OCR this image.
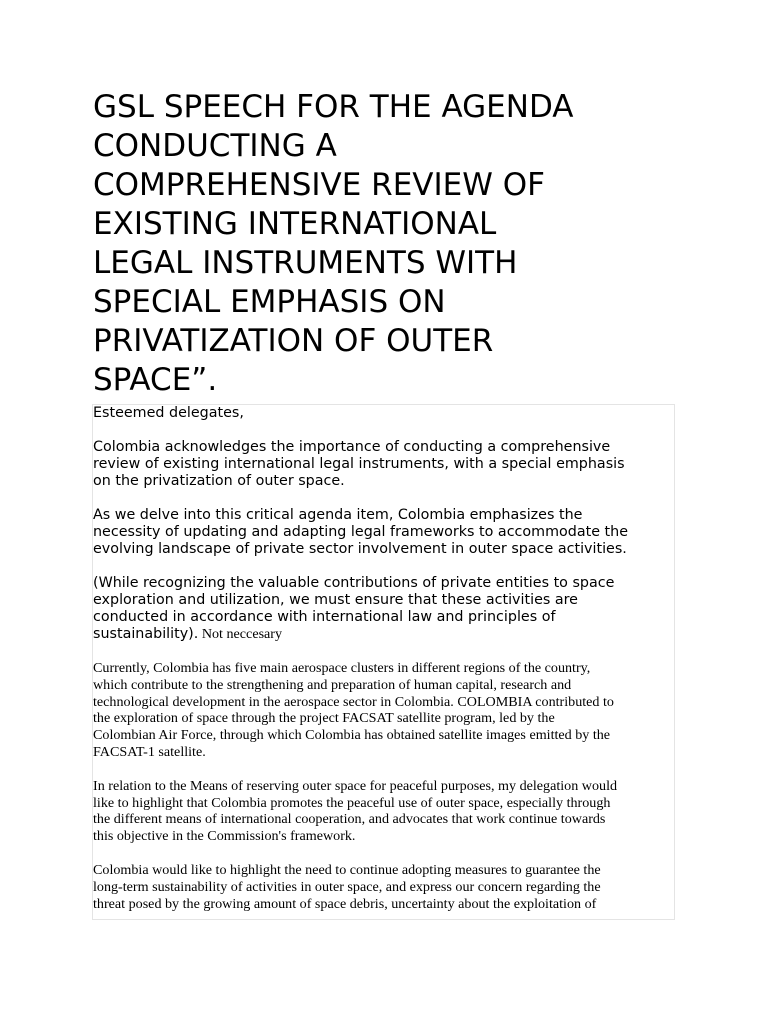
GSL SPEECH FOR THE AGENDA
CONDUCTING A
COMPREHENSIVE REVIEW OF
EXISTING INTERNATIONAL
LEGAL INSTRUMENTS WITH
SPECIAL EMPHASIS ON
PRIVATIZATION OF OUTER
SPACE”.

Esteemed delegates,

Colombia acknowledges the importance of conducting a comprehensive

review of existing international legal instruments, with a special emphasis

on the privatization of outer space.

As we delve into this critical agenda item, Colombia emphasizes the

necessity of updating and adapting legal frameworks to accommodate the

evolving landscape of private sector involvement in outer space activities.

(While recognizing the valuable contributions of private entities to space

exploration and utilization, we must ensure that these activities are

conducted in accordance with international law and principles of

sustainability). Not neccesary

Currently, Colombia has five main aerospace clusters in different regions of the country,

which contribute to the strengthening and preparation of human capital, research and

technological development in the aerospace sector in Colombia. COLOMBIA contributed to

the exploration of space through the project FACSAT satellite program, led by the

Colombian Air Force, through which Colombia has obtained satellite images emitted by the

FACSAT-1 satellite.

In relation to the Means of reserving outer space for peaceful purposes, my delegation would

like to highlight that Colombia promotes the peaceful use of outer space, especially through

the different means of international cooperation, and advocates that work continue towards

this objective in the Commission's framework.

Colombia would like to highlight the need to continue adopting measures to guarantee the

long-term sustainability of activities in outer space, and express our concern regarding the

threat posed by the growing amount of space debris, uncertainty about the exploitation of
